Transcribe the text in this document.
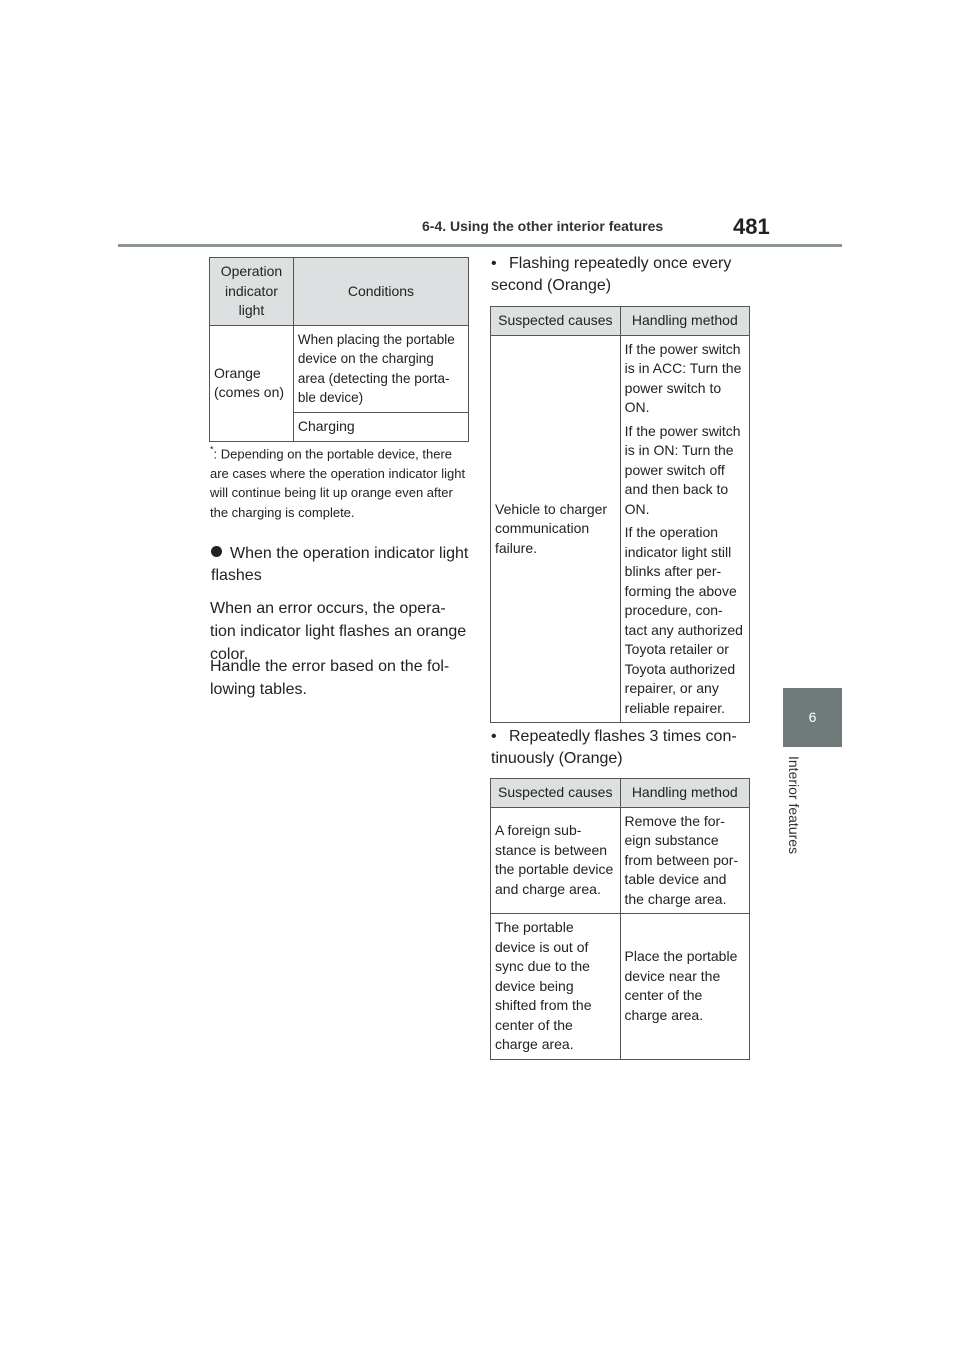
6-4. Using the other interior features	481
6
Interior features
Operation indicator light	Conditions
Orange (comes on)	When placing the portable device on the charging area (detecting the porta-ble device)
	Charging
*: Depending on the portable device, there are cases where the operation indicator light will continue being lit up orange even after the charging is complete.
When the operation indicator light flashes

When an error occurs, the opera-tion indicator light flashes an orange color.

Handle the error based on the fol-lowing tables.

• Flashing repeatedly once every second (Orange)
Suspected causes	Handling method
Vehicle to charger communication failure.	If the power switch is in ACC: Turn the power switch to ON.

If the power switch is in ON: Turn the power switch off and then back to ON.

If the operation indicator light still blinks after per-forming the above procedure, con-tact any authorized Toyota retailer or Toyota authorized repairer, or any reliable repairer.

• Repeatedly flashes 3 times con-tinuously (Orange)
Suspected causes	Handling method
A foreign sub-stance is between the portable device and charge area.	Remove the for-eign substance from between por-table device and the charge area.
The portable device is out of sync due to the device being shifted from the center of the charge area.	Place the portable device near the center of the charge area.
